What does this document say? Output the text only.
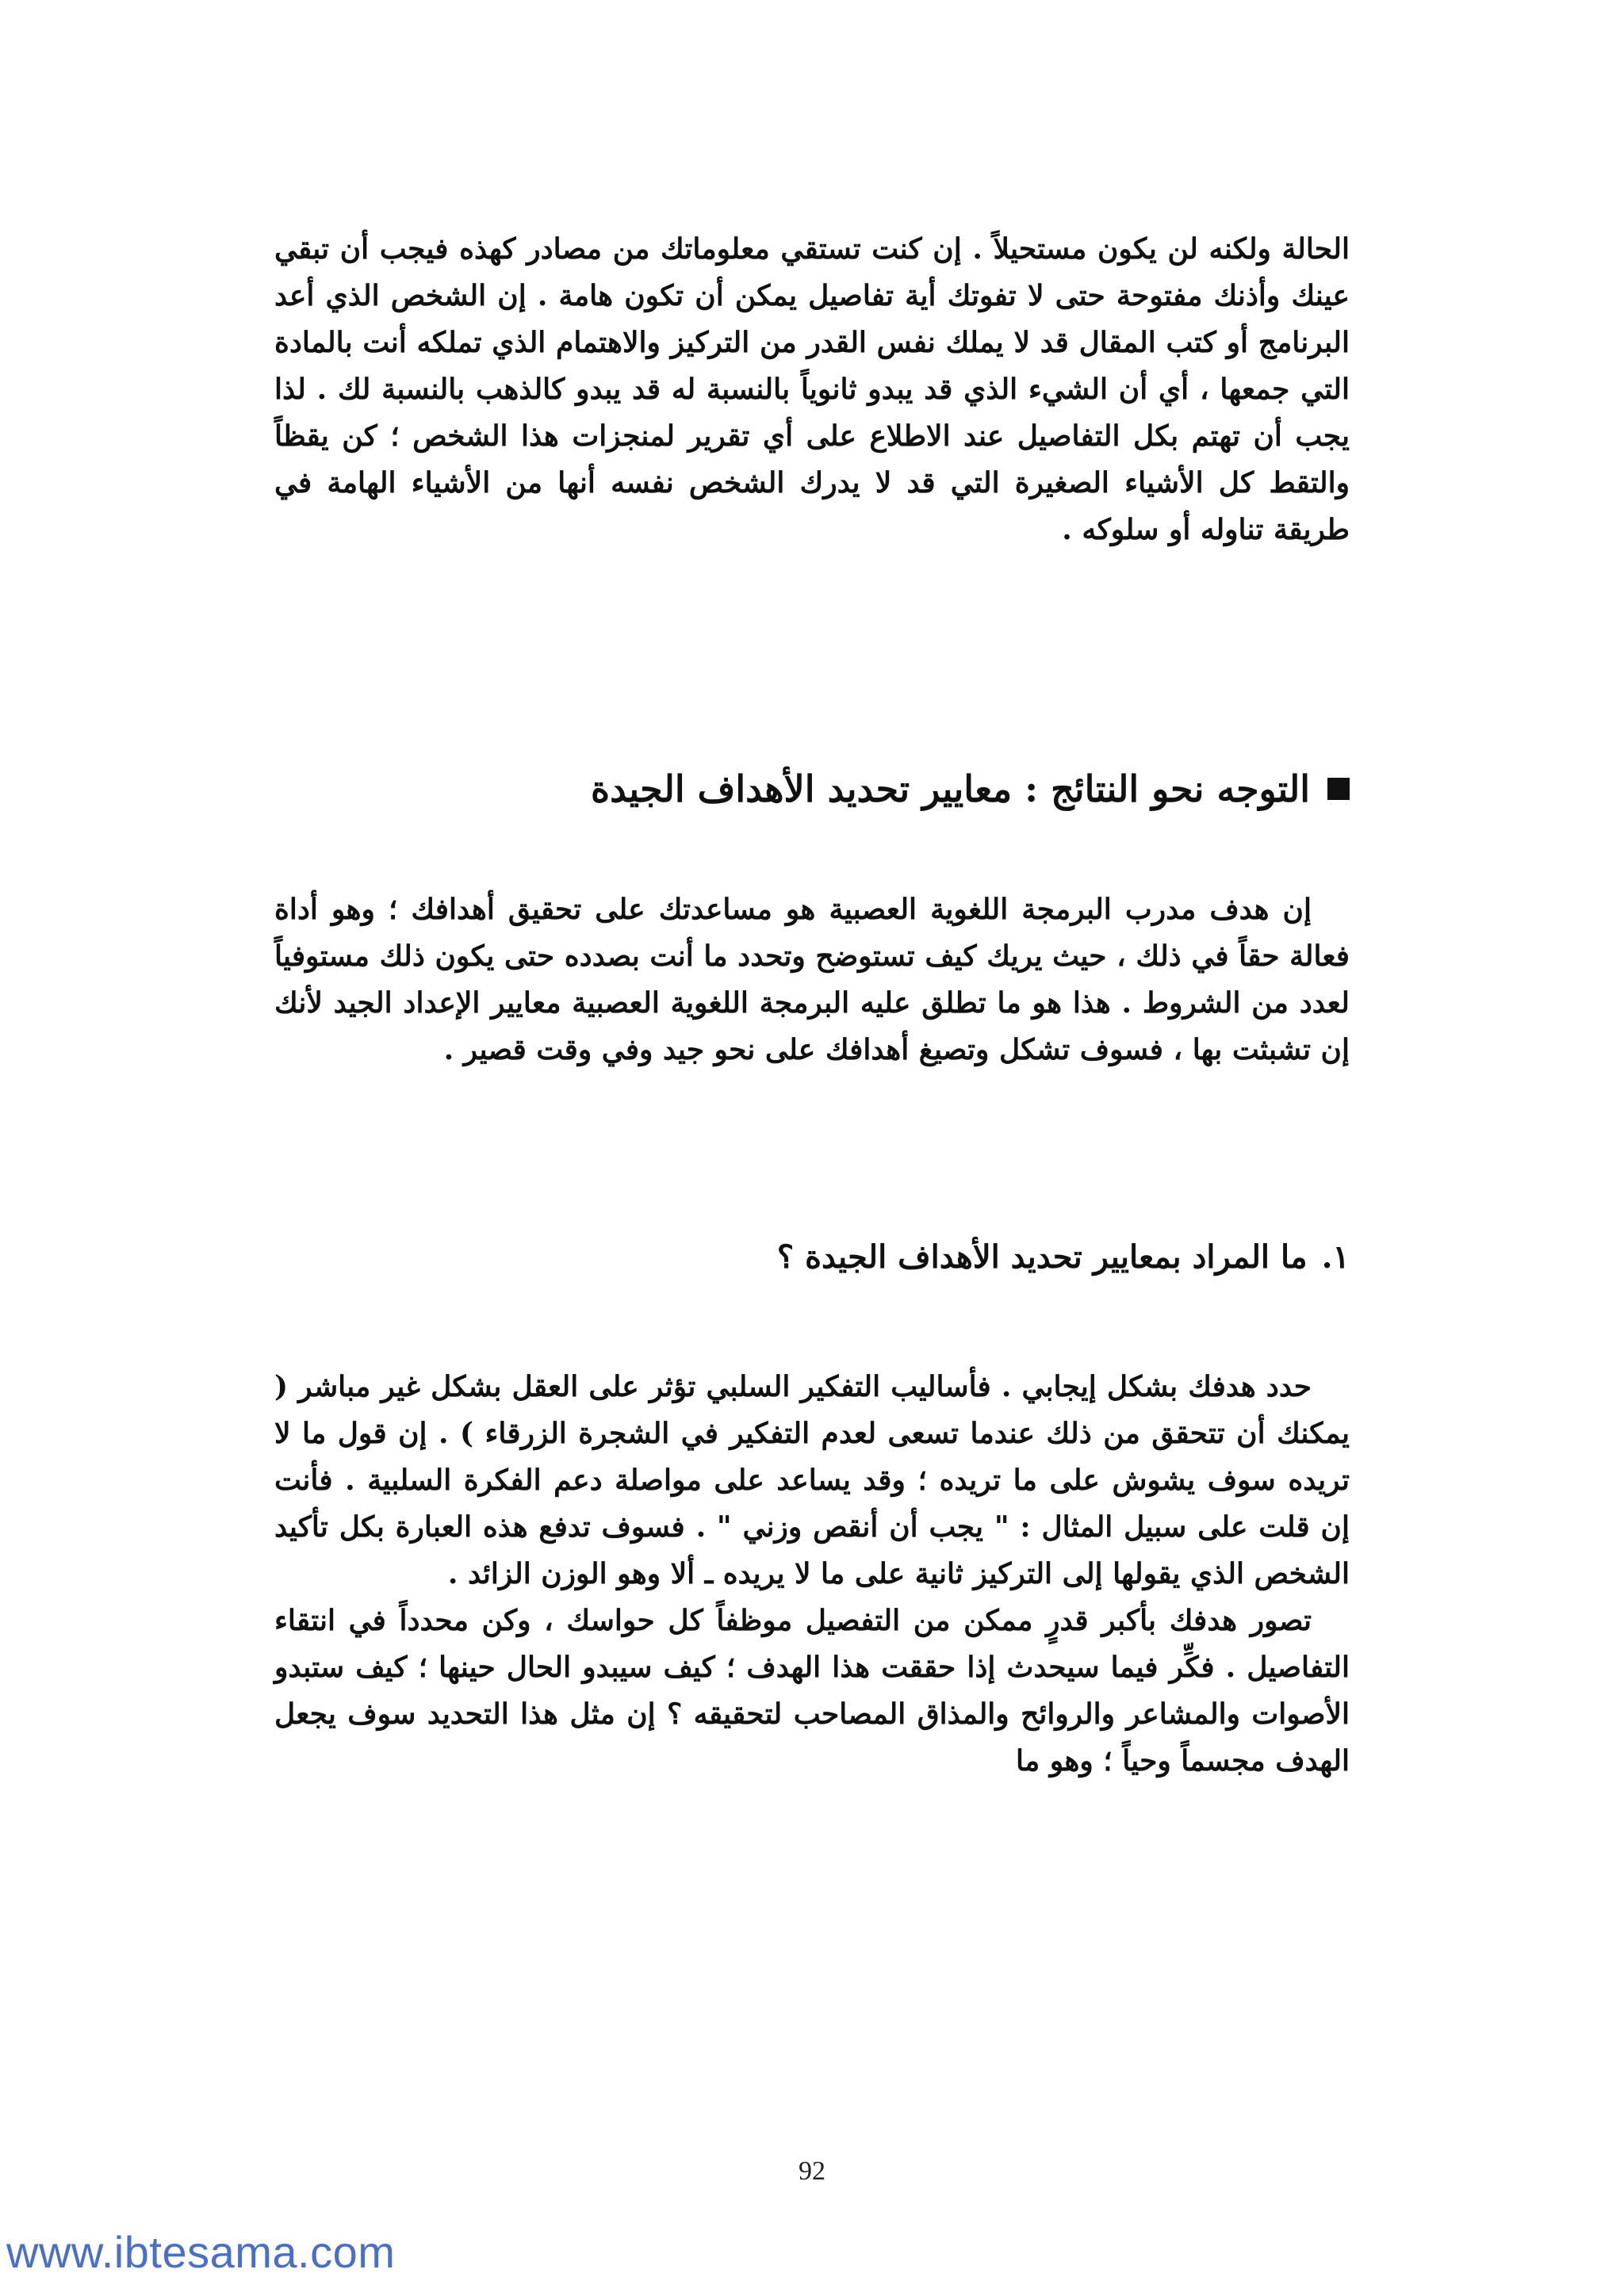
الحالة ولكنه لن يكون مستحيلاً . إن كنت تستقي معلوماتك من مصادر كهذه فيجب أن تبقي عينك وأذنك مفتوحة حتى لا تفوتك أية تفاصيل يمكن أن تكون هامة . إن الشخص الذي أعد البرنامج أو كتب المقال قد لا يملك نفس القدر من التركيز والاهتمام الذي تملكه أنت بالمادة التي جمعها ، أي أن الشيء الذي قد يبدو ثانوياً بالنسبة له قد يبدو كالذهب بالنسبة لك . لذا يجب أن تهتم بكل التفاصيل عند الاطلاع على أي تقرير لمنجزات هذا الشخص ؛ كن يقظاً والتقط كل الأشياء الصغيرة التي قد لا يدرك الشخص نفسه أنها من الأشياء الهامة في طريقة تناوله أو سلوكه .

التوجه نحو النتائج : معايير تحديد الأهداف الجيدة

إن هدف مدرب البرمجة اللغوية العصبية هو مساعدتك على تحقيق أهدافك ؛ وهو أداة فعالة حقاً في ذلك ، حيث يريك كيف تستوضح وتحدد ما أنت بصدده حتى يكون ذلك مستوفياً لعدد من الشروط . هذا هو ما تطلق عليه البرمجة اللغوية العصبية معايير الإعداد الجيد لأنك إن تشبثت بها ، فسوف تشكل وتصيغ أهدافك على نحو جيد وفي وقت قصير .

١.
ما المراد بمعايير تحديد الأهداف الجيدة ؟

حدد هدفك بشكل إيجابي . فأساليب التفكير السلبي تؤثر على العقل بشكل غير مباشر ( يمكنك أن تتحقق من ذلك عندما تسعى لعدم التفكير في الشجرة الزرقاء ) . إن قول ما لا تريده سوف يشوش على ما تريده ؛ وقد يساعد على مواصلة دعم الفكرة السلبية . فأنت إن قلت على سبيل المثال : " يجب أن أنقص وزني " . فسوف تدفع هذه العبارة بكل تأكيد الشخص الذي يقولها إلى التركيز ثانية على ما لا يريده ـ ألا وهو الوزن الزائد .

تصور هدفك بأكبر قدرٍ ممكن من التفصيل موظفاً كل حواسك ، وكن محدداً في انتقاء التفاصيل . فكِّر فيما سيحدث إذا حققت هذا الهدف ؛ كيف سيبدو الحال حينها ؛ كيف ستبدو الأصوات والمشاعر والروائح والمذاق المصاحب لتحقيقه ؟ إن مثل هذا التحديد سوف يجعل الهدف مجسماً وحياً ؛ وهو ما

92
www.ibtesama.com
